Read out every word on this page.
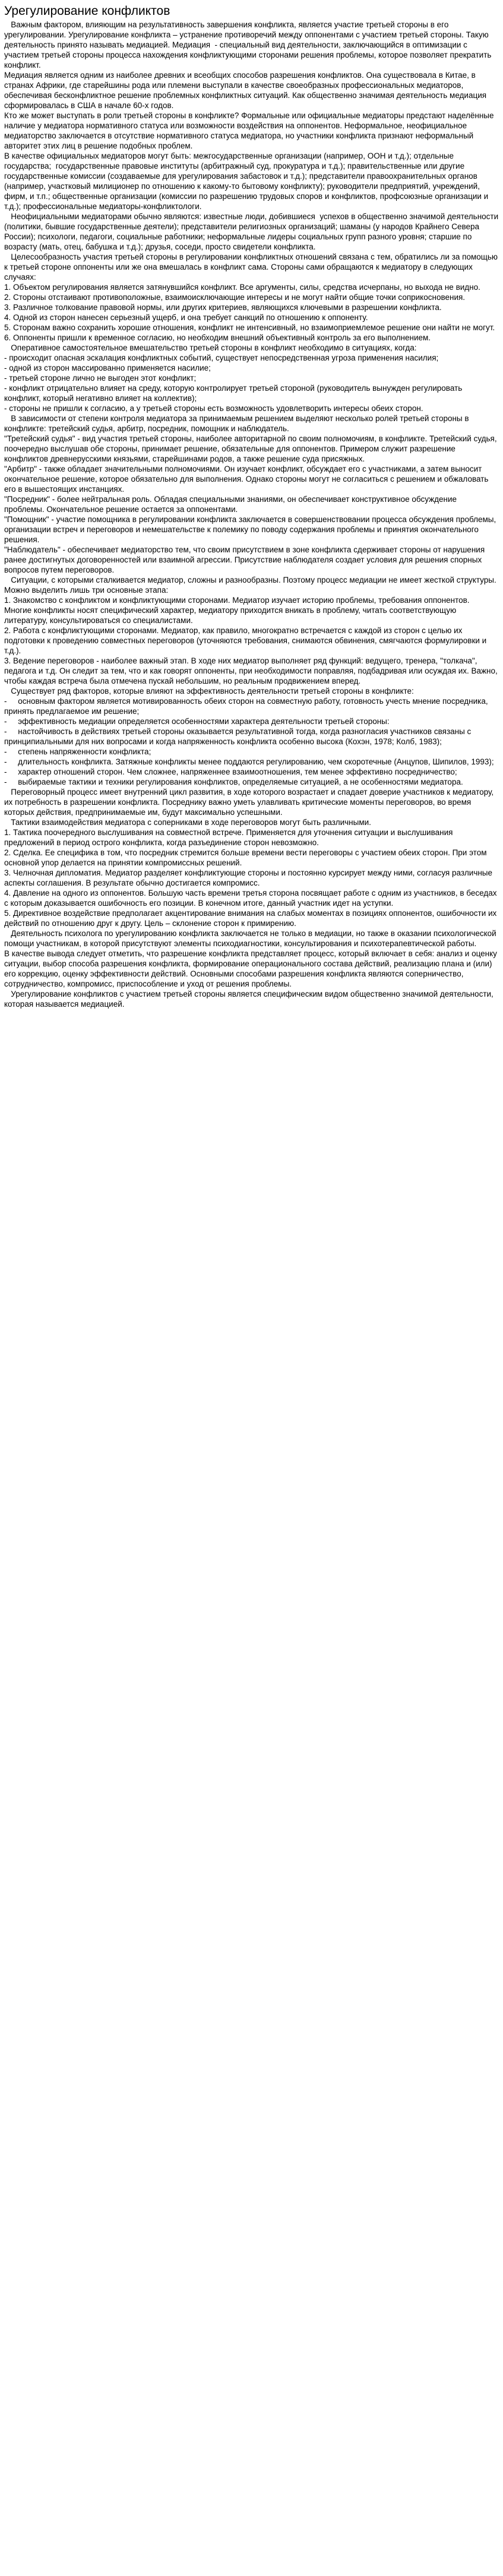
Урегулирование конфликтов

Важным фактором, влияющим на результативность завершения конфликта, является участие третьей стороны в его урегулировании. Урегулирование конфликта – устранение противоречий между оппонентами с участием третьей стороны. Такую деятельность принято называть медиацией. Медиация  - специальный вид деятельности, заключающийся в оптимизации с участием третьей стороны процесса нахождения конфликтующими сторонами решения проблемы, которое позволяет прекратить конфликт.

Медиация является одним из наиболее древних и всеобщих способов разрешения конфликтов. Она существовала в Китае, в странах Африки, где старейшины рода или племени выступали в качестве своеобразных профессиональных медиаторов, обеспечивая бесконфликтное решение проблемных конфликтных ситуаций. Как общественно значимая деятельность медиация сформировалась в США в начале 60-х годов.

Кто же может выступать в роли третьей стороны в конфликте? Формальные или официальные медиаторы предстают наделённые наличие у медиатора нормативного статуса или возможности воздействия на оппонентов. Неформальное, неофициальное медиаторство заключается в отсутствие нормативного статуса медиатора, но участники конфликта признают неформальный авторитет этих лиц в решение подобных проблем.

В качестве официальных медиаторов могут быть: межгосударственные организации (например, ООН и т.д.); отдельные государства;  государственные правовые институты (арбитражный суд, прокуратура и т.д.); правительственные или другие государственные комиссии (создаваемые для урегулирования забастовок и т.д.); представители правоохранительных органов (например, участковый милиционер по отношению к какому-то бытовому конфликту); руководители предприятий, учреждений, фирм, и т.п.; общественные организации (комиссии по разрешению трудовых споров и конфликтов, профсоюзные организации и т.д.); профессиональные медиаторы-конфликтологи.

Неофициальными медиаторами обычно являются: известные люди, добившиеся  успехов в общественно значимой деятельности (политики, бывшие государственные деятели); представители религиозных организаций; шаманы (у народов Крайнего Севера России); психологи, педагоги, социальные работники; неформальные лидеры социальных групп разного уровня; старшие по возрасту (мать, отец, бабушка и т.д.); друзья, соседи, просто свидетели конфликта.

Целесообразность участия третьей стороны в регулировании конфликтных отношений связана с тем, обратились ли за помощью к третьей стороне оппоненты или же она вмешалась в конфликт сама. Стороны сами обращаются к медиатору в следующих случаях:

1. Объектом регулирования является затянувшийся конфликт. Все аргументы, силы, средства исчерпаны, но выхода не видно.

2. Стороны отстаивают противоположные, взаимоисключающие интересы и не могут найти общие точки соприкосновения.

3. Различное толкование правовой нормы, или других критериев, являющихся ключевыми в разрешении конфликта.

4. Одной из сторон нанесен серьезный ущерб, и она требует санкций по отношению к оппоненту.

5. Сторонам важно сохранить хорошие отношения, конфликт не интенсивный, но взаимоприемлемое решение они найти не могут.

6. Оппоненты пришли к временное согласию, но необходим внешний объективный контроль за его выполнением.

Оперативное самостоятельное вмешательство третьей стороны в конфликт необходимо в ситуациях, когда:

- происходит опасная эскалация конфликтных событий, существует непосредственная угроза применения насилия;

- одной из сторон массированно применяется насилие;

- третьей стороне лично не выгоден этот конфликт;

- конфликт отрицательно влияет на среду, которую контролирует третьей стороной (руководитель вынужден регулировать конфликт, который негативно влияет на коллектив);

- стороны не пришли к согласию, а у третьей стороны есть возможность удовлетворить интересы обеих сторон.

В зависимости от степени контроля медиатора за принимаемым решением выделяют несколько ролей третьей стороны в конфликте: третейский судья, арбитр, посредник, помощник и наблюдатель.

"Третейский судья" - вид участия третьей стороны, наиболее авторитарной по своим полномочиям, в конфликте. Третейский судья, поочередно выслушав обе стороны, принимает решение, обязательные для оппонентов. Примером служит разрешение конфликтов древнерусскими князьями, старейшинами родов, а также решение суда присяжных.

"Арбитр" - также обладает значительными полномочиями. Он изучает конфликт, обсуждает его с участниками, а затем выносит окончательное решение, которое обязательно для выполнения. Однако стороны могут не согласиться с решением и обжаловать его в вышестоящих инстанциях.

"Посредник" - более нейтральная роль. Обладая специальными знаниями, он обеспечивает конструктивное обсуждение проблемы. Окончательное решение остается за оппонентами.

"Помощник" - участие помощника в регулировании конфликта заключается в совершенствовании процесса обсуждения проблемы, организации встреч и переговоров и немешательстве к полемику по поводу содержания проблемы и принятия окончательного решения.

"Наблюдатель" - обеспечивает медиаторство тем, что своим присутствием в зоне конфликта сдерживает стороны от нарушения ранее достигнутых договоренностей или взаимной агрессии. Присутствие наблюдателя создает условия для решения спорных вопросов путем переговоров.

Ситуации, с которыми сталкивается медиатор, сложны и разнообразны. Поэтому процесс медиации не имеет жесткой структуры. Можно выделить лишь три основные этапа:

1. Знакомство с конфликтом и конфликтующими сторонами. Медиатор изучает историю проблемы, требования оппонентов. Многие конфликты носят специфический характер, медиатору приходится вникать в проблему, читать соответствующую литературу, консультироваться со специалистами.

2. Работа с конфликтующими сторонами. Медиатор, как правило, многократно встречается с каждой из сторон с целью их подготовки к проведению совместных переговоров (уточняются требования, снимаются обвинения, смягчаются формулировки и т.д.).

3. Ведение переговоров - наиболее важный этап. В ходе них медиатор выполняет ряд функций: ведущего, тренера, "толкача", педагога и т.д. Он следит за тем, что и как говорят оппоненты, при необходимости поправляя, подбадривая или осуждая их. Важно, чтобы каждая встреча была отмечена пускай небольшим, но реальным продвижением вперед.

Существует ряд факторов, которые влияют на эффективность деятельности третьей стороны в конфликте:

-     основным фактором является мотивированность обеих сторон на совместную работу, готовность учесть мнение посредника, принять предлагаемое им решение;

-     эффективность медиации определяется особенностями характера деятельности третьей стороны:

-     настойчивость в действиях третьей стороны оказывается результативной тогда, когда разногласия участников связаны с принципиальными для них вопросами и когда напряженность конфликта особенно высока (Кохэн, 1978; Колб, 1983);

-     степень напряженности конфликта;

-     длительность конфликта. Затяжные конфликты менее поддаются регулированию, чем скоротечные (Анцупов, Шипилов, 1993);

-     характер отношений сторон. Чем сложнее, напряженнее взаимоотношения, тем менее эффективно посредничество;

-     выбираемые тактики и техники регулирования конфликтов, определяемые ситуацией, а не особенностями медиатора.

Переговорный процесс имеет внутренний цикл развития, в ходе которого возрастает и спадает доверие участников к медиатору, их потребность в разрешении конфликта. Посреднику важно уметь улавливать критические моменты переговоров, во время которых действия, предпринимаемые им, будут максимально успешными.

Тактики взаимодействия медиатора с соперниками в ходе переговоров могут быть различными.

1. Тактика поочередного выслушивания на совместной встрече. Применяется для уточнения ситуации и выслушивания предложений в период острого конфликта, когда разъединение сторон невозможно.

2. Сделка. Ее специфика в том, что посредник стремится больше времени вести переговоры с участием обеих сторон. При этом основной упор делается на принятии компромиссных решений.

3. Челночная дипломатия. Медиатор разделяет конфликтующие стороны и постоянно курсирует между ними, согласуя различные аспекты соглашения. В результате обычно достигается компромисс.

4. Давление на одного из оппонентов. Большую часть времени третья сторона посвящает работе с одним из участников, в беседах с которым доказывается ошибочность его позиции. В конечном итоге, данный участник идет на уступки.

5. Директивное воздействие предполагает акцентирование внимания на слабых моментах в позициях оппонентов, ошибочности их действий по отношению друг к другу. Цель – склонение сторон к примирению.

Деятельность психолога по урегулированию конфликта заключается не только в медиации, но также в оказании психологической помощи участникам, в которой присутствуют элементы психодиагностики, консультирования и психотерапевтической работы.

В качестве вывода следует отметить, что разрешение конфликта представляет процесс, который включает в себя: анализ и оценку ситуации, выбор способа разрешения конфликта, формирование операционального состава действий, реализацию плана и (или) его коррекцию, оценку эффективности действий. Основными способами разрешения конфликта являются соперничество, сотрудничество, компромисс, приспособление и уход от решения проблемы.

Урегулирование конфликтов с участием третьей стороны является специфическим видом общественно значимой деятельности, которая называется медиацией.
